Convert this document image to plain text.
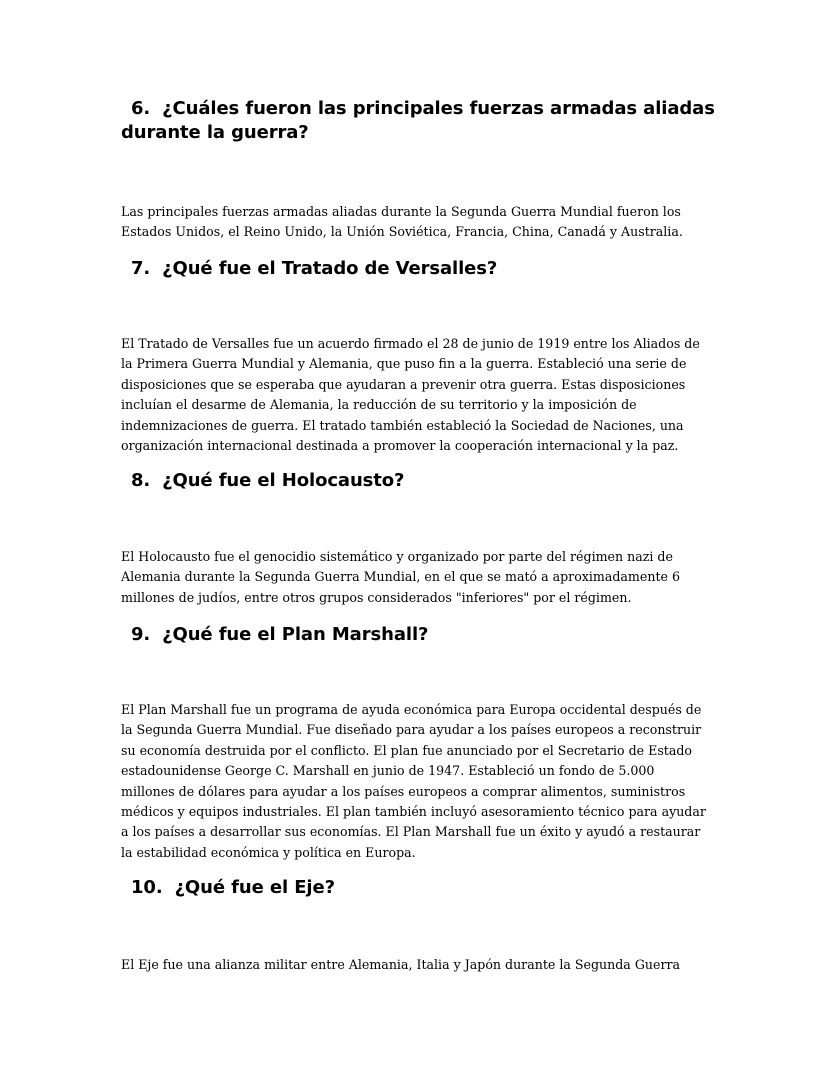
6. ¿Cuáles fueron las principales fuerzas armadas aliadas durante la guerra?

Las principales fuerzas armadas aliadas durante la Segunda Guerra Mundial fueron los Estados Unidos, el Reino Unido, la Unión Soviética, Francia, China, Canadá y Australia.

7. ¿Qué fue el Tratado de Versalles?

El Tratado de Versalles fue un acuerdo firmado el 28 de junio de 1919 entre los Aliados de la Primera Guerra Mundial y Alemania, que puso fin a la guerra. Estableció una serie de disposiciones que se esperaba que ayudaran a prevenir otra guerra. Estas disposiciones incluían el desarme de Alemania, la reducción de su territorio y la imposición de indemnizaciones de guerra. El tratado también estableció la Sociedad de Naciones, una organización internacional destinada a promover la cooperación internacional y la paz.

8. ¿Qué fue el Holocausto?

El Holocausto fue el genocidio sistemático y organizado por parte del régimen nazi de Alemania durante la Segunda Guerra Mundial, en el que se mató a aproximadamente 6 millones de judíos, entre otros grupos considerados "inferiores" por el régimen.

9. ¿Qué fue el Plan Marshall?

El Plan Marshall fue un programa de ayuda económica para Europa occidental después de la Segunda Guerra Mundial. Fue diseñado para ayudar a los países europeos a reconstruir su economía destruida por el conflicto. El plan fue anunciado por el Secretario de Estado estadounidense George C. Marshall en junio de 1947. Estableció un fondo de 5.000 millones de dólares para ayudar a los países europeos a comprar alimentos, suministros médicos y equipos industriales. El plan también incluyó asesoramiento técnico para ayudar a los países a desarrollar sus economías. El Plan Marshall fue un éxito y ayudó a restaurar la estabilidad económica y política en Europa.

10. ¿Qué fue el Eje?

El Eje fue una alianza militar entre Alemania, Italia y Japón durante la Segunda Guerra
